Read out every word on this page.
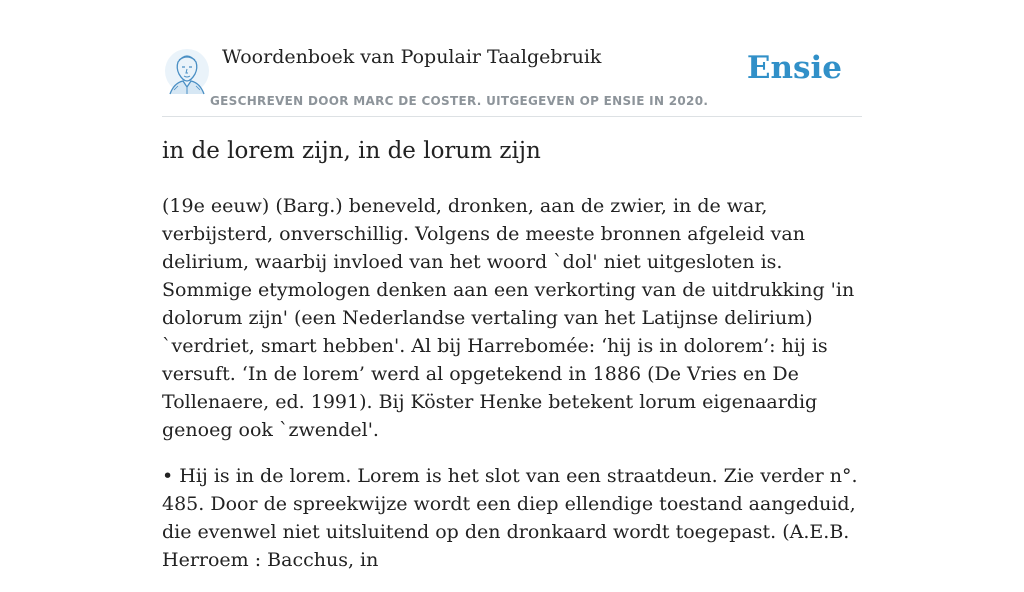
Woordenboek van Populair Taalgebruik
GESCHREVEN DOOR MARC DE COSTER. UITGEGEVEN OP ENSIE IN 2020.
Ensie
in de lorem zijn, in de lorum zijn

(19e eeuw) (Barg.) beneveld, dronken, aan de zwier, in de war, verbijsterd, onverschillig. Volgens de meeste bronnen afgeleid van delirium, waarbij invloed van het woord `dol' niet uitgesloten is. Sommige etymologen denken aan een verkorting van de uitdrukking 'in dolorum zijn' (een Nederlandse vertaling van het Latijnse delirium) `verdriet, smart hebben'. Al bij Harrebomée: ‘hij is in dolorem’: hij is versuft. ‘In de lorem’ werd al opgetekend in 1886 (De Vries en De Tollenaere, ed. 1991). Bij Köster Henke betekent lorum eigenaardig genoeg ook `zwendel'.

• Hij is in de lorem. Lorem is het slot van een straatdeun. Zie verder n°. 485. Door de spreekwijze wordt een diep ellendige toestand aangeduid, die evenwel niet uitsluitend op den dronkaard wordt toegepast. (A.E.B. Herroem : Bacchus, in
